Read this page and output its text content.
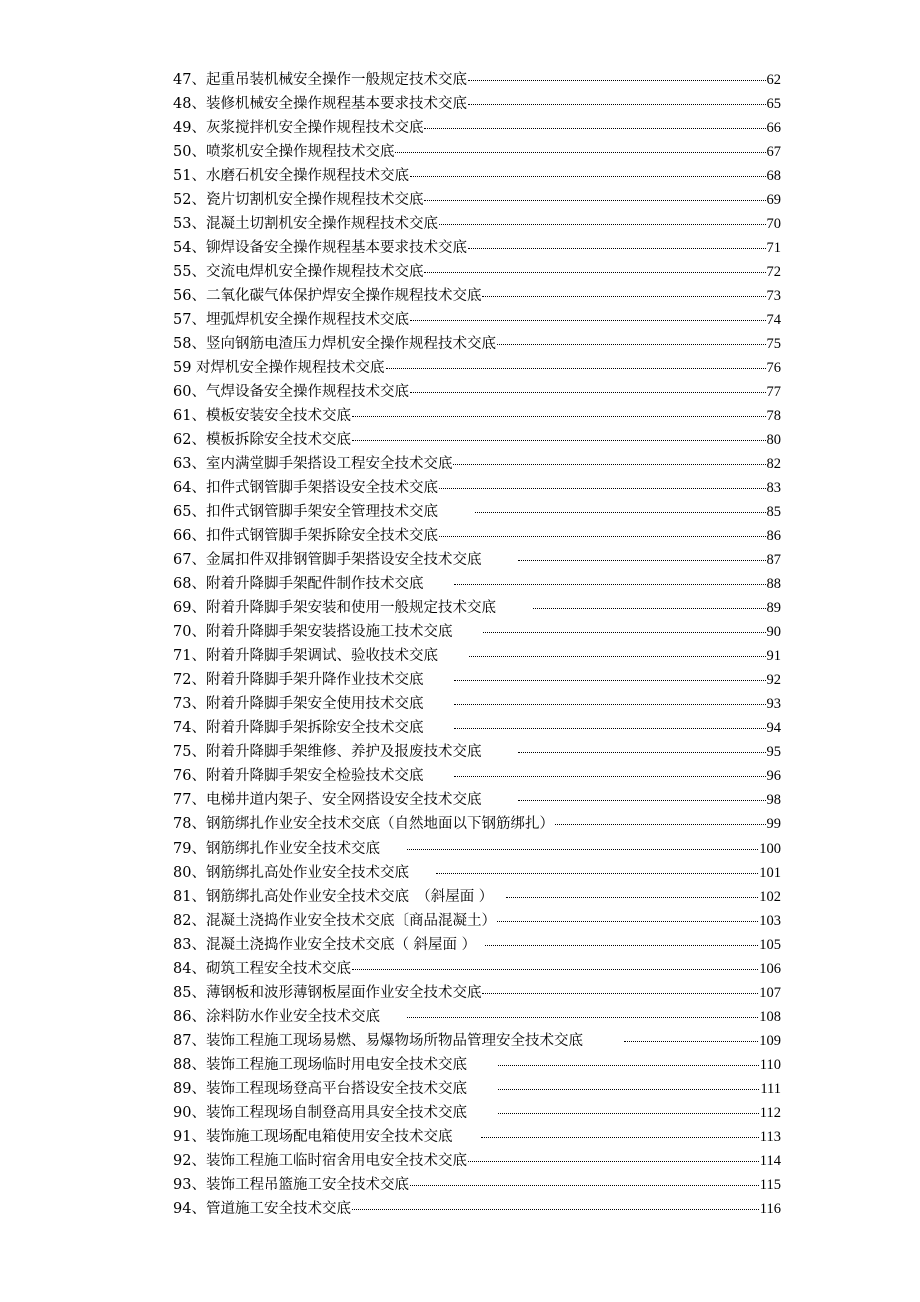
47、起重吊装机械安全操作一般规定技术交底	62
48、装修机械安全操作规程基本要求技术交底	65
49、灰浆搅拌机安全操作规程技术交底	66
50、喷浆机安全操作规程技术交底	67
51、水磨石机安全操作规程技术交底	68
52、瓷片切割机安全操作规程技术交底	69
53、混凝土切割机安全操作规程技术交底	70
54、铆焊设备安全操作规程基本要求技术交底	71
55、交流电焊机安全操作规程技术交底	72
56、二氧化碳气体保护焊安全操作规程技术交底	73
57、埋弧焊机安全操作规程技术交底	74
58、竖向钢筋电渣压力焊机安全操作规程技术交底	75
59 对焊机安全操作规程技术交底	76
60、气焊设备安全操作规程技术交底	77
61、模板安装安全技术交底	78
62、模板拆除安全技术交底	80
63、室内满堂脚手架搭设工程安全技术交底	82
64、扣件式钢管脚手架搭设安全技术交底	83
65、扣件式钢管脚手架安全管理技术交底	85
66、扣件式钢管脚手架拆除安全技术交底	86
67、金属扣件双排钢管脚手架搭设安全技术交底	87
68、附着升降脚手架配件制作技术交底	88
69、附着升降脚手架安装和使用一般规定技术交底	89
70、附着升降脚手架安装搭设施工技术交底	90
71、附着升降脚手架调试、验收技术交底	91
72、附着升降脚手架升降作业技术交底	92
73、附着升降脚手架安全使用技术交底	93
74、附着升降脚手架拆除安全技术交底	94
75、附着升降脚手架维修、养护及报废技术交底	95
76、附着升降脚手架安全检验技术交底	96
77、电梯井道内架子、安全网搭设安全技术交底	98
78、钢筋绑扎作业安全技术交底（自然地面以下钢筋绑扎）	99
79、钢筋绑扎作业安全技术交底	100
80、钢筋绑扎高处作业安全技术交底	101
81、钢筋绑扎高处作业安全技术交底　（斜屋面 ）	102
82、混凝土浇捣作业安全技术交底〔商品混凝土）	103
83、混凝土浇捣作业安全技术交底（ 斜屋面 ）	105
84、砌筑工程安全技术交底	106
85、薄钢板和波形薄钢板屋面作业安全技术交底	107
86、涂料防水作业安全技术交底	108
87、装饰工程施工现场易燃、易爆物场所物品管理安全技术交底	109
88、装饰工程施工现场临时用电安全技术交底	110
89、装饰工程现场登高平台搭设安全技术交底	111
90、装饰工程现场自制登高用具安全技术交底	112
91、装饰施工现场配电箱使用安全技术交底	113
92、装饰工程施工临时宿舍用电安全技术交底	114
93、装饰工程吊篮施工安全技术交底	115
94、管道施工安全技术交底	116
